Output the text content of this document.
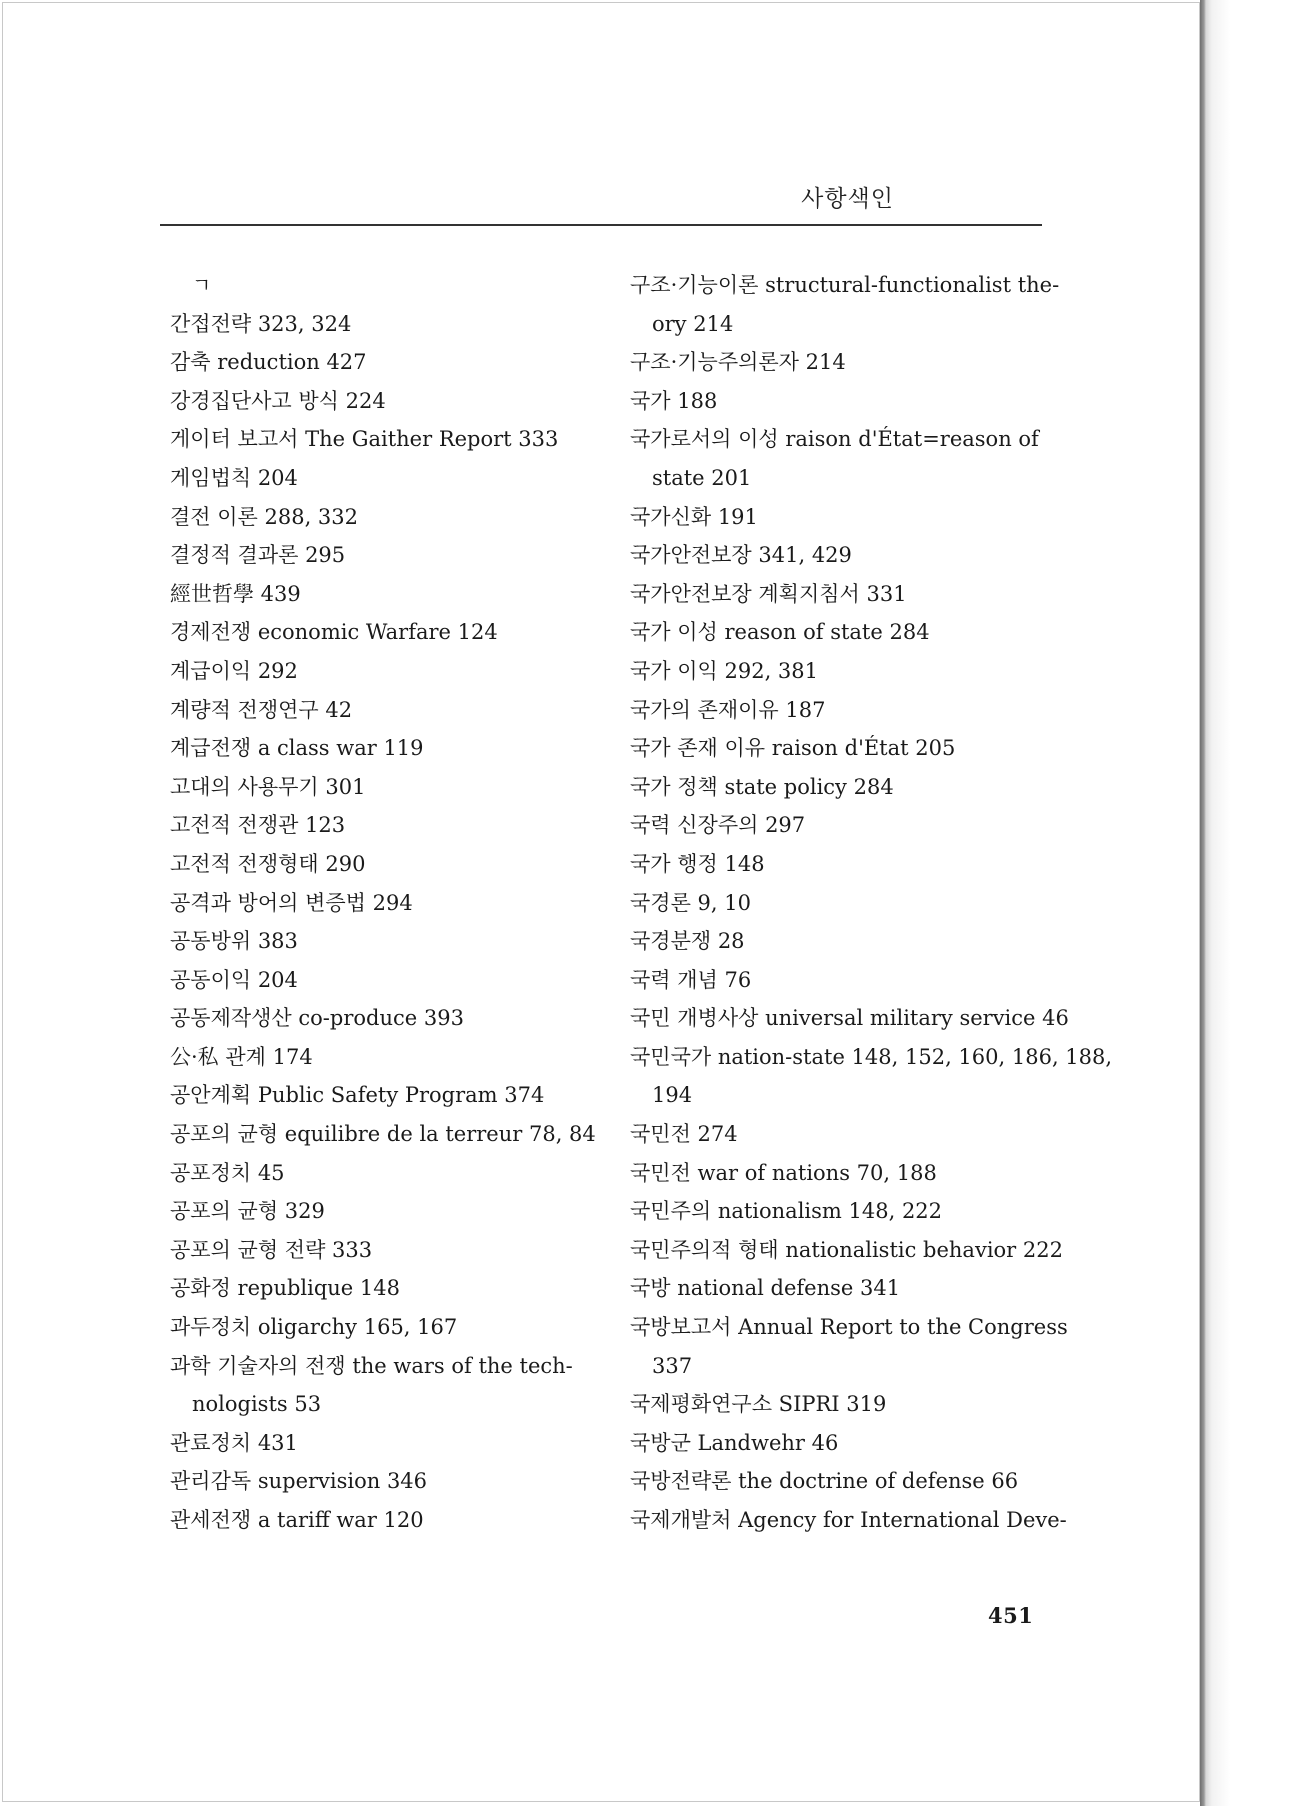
사항색인
ㄱ
간접전략 323, 324
감축 reduction 427
강경집단사고 방식 224
게이터 보고서 The Gaither Report 333
게임법칙 204
결전 이론 288, 332
결정적 결과론 295
經世哲學 439
경제전쟁 economic Warfare 124
계급이익 292
계량적 전쟁연구 42
계급전쟁 a class war 119
고대의 사용무기 301
고전적 전쟁관 123
고전적 전쟁형태 290
공격과 방어의 변증법 294
공동방위 383
공동이익 204
공동제작생산 co-produce 393
公·私 관계 174
공안계획 Public Safety Program 374
공포의 균형 equilibre de la terreur 78, 84
공포정치 45
공포의 균형 329
공포의 균형 전략 333
공화정 republique 148
과두정치 oligarchy 165, 167
과학 기술자의 전쟁 the wars of the tech-
nologists 53
관료정치 431
관리감독 supervision 346
관세전쟁 a tariff war 120
구조·기능이론 structural-functionalist the-
ory 214
구조·기능주의론자 214
국가 188
국가로서의 이성 raison d'État=reason of
state 201
국가신화 191
국가안전보장 341, 429
국가안전보장 계획지침서 331
국가 이성 reason of state 284
국가 이익 292, 381
국가의 존재이유 187
국가 존재 이유 raison d'État 205
국가 정책 state policy 284
국력 신장주의 297
국가 행정 148
국경론 9, 10
국경분쟁 28
국력 개념 76
국민 개병사상 universal military service 46
국민국가 nation-state 148, 152, 160, 186, 188,
194
국민전 274
국민전 war of nations 70, 188
국민주의 nationalism 148, 222
국민주의적 형태 nationalistic behavior 222
국방 national defense 341
국방보고서 Annual Report to the Congress
337
국제평화연구소 SIPRI 319
국방군 Landwehr 46
국방전략론 the doctrine of defense 66
국제개발처 Agency for International Deve-
451
